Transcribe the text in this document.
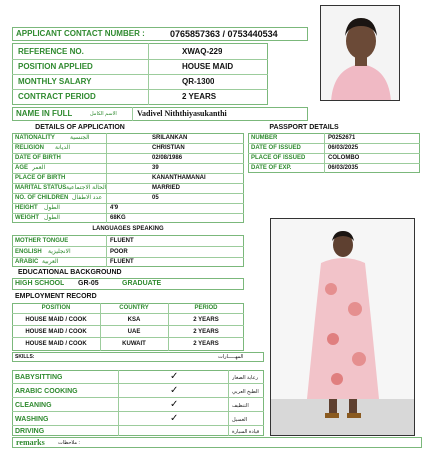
APPLICANT CONTACT NUMBER :	0765857363 / 0753440534
REFERENCE NO.	XWAQ-229
POSITION APPLIED	HOUSE MAID
MONTHLY SALARY	QR-1300
CONTRACT PERIOD	2 YEARS
NAME IN FULL	الاسم الكامل	Vadivel Niththiyasukanthi
DETAILS OF APPLICATION	PASSPORT DETAILS
NATIONALITY	الجنسية	SRILANKAN
RELIGION الديانة	CHRISTIAN
DATE OF BIRTH	02/08/1986
AGE العمر	39
PLACE OF BIRTH	KANANTHAMANAI
MARITAL STATUS الحالة الاجتماعية	MARRIED
NO. OF CHILDREN عدد الاطفال	05
HEIGHT الطول	4'9
WEIGHT الطول	68KG
NUMBER	P0252671
DATE OF ISSUED	06/03/2025
PLACE OF ISSUED	COLOMBO
DATE OF EXP.	06/03/2035
LANGUAGES SPEAKING
MOTHER TONGUE	FLUENT
ENGLISH الانجليزية	POOR
ARABIC العربية	FLUENT
EDUCATIONAL BACKGROUND
HIGH SCHOOL GR-05	GRADUATE
EMPLOYMENT RECORD
POSITION	COUNTRY	PERIOD
HOUSE MAID / COOK	KSA	2 YEARS
HOUSE MAID / COOK	UAE	2 YEARS
HOUSE MAID / COOK	KUWAIT	2 YEARS
SKILLS:	المهـــــارات
BABYSITTING	✓	رعاية الصغار
ARABIC COOKING	✓	الطبخ العربي
CLEANING	✓	التنظيف
WASHING	✓	الغسيل
DRIVING	قيادة السيارة
remarks	ملاحظات :
